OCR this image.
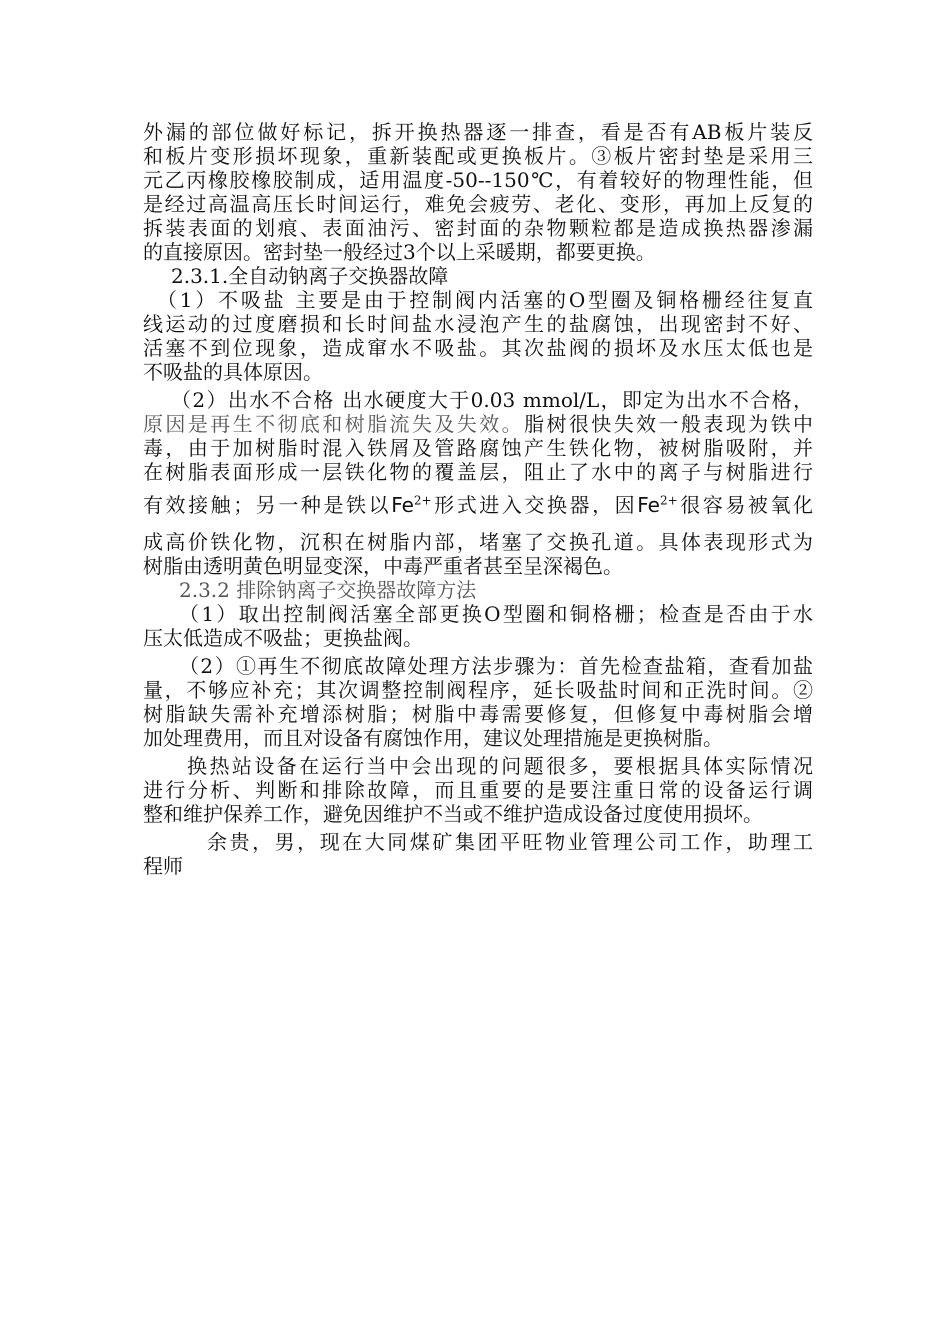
外漏的部位做好标记，拆开换热器逐一排查，看是否有AB板片装反
和板片变形损坏现象，重新装配或更换板片。③板片密封垫是采用三
元乙丙橡胶橡胶制成，适用温度-50--150℃，有着较好的物理性能，但
是经过高温高压长时间运行，难免会疲劳、老化、变形，再加上反复的
拆装表面的划痕、表面油污、密封面的杂物颗粒都是造成换热器渗漏
的直接原因。密封垫一般经过3个以上采暖期，都要更换。
2.3.1.全自动钠离子交换器故障
（1）不吸盐 主要是由于控制阀内活塞的O型圈及铜格栅经往复直
线运动的过度磨损和长时间盐水浸泡产生的盐腐蚀，出现密封不好、
活塞不到位现象，造成窜水不吸盐。其次盐阀的损坏及水压太低也是
不吸盐的具体原因。
（2）出水不合格 出水硬度大于0.03 mmol/L，即定为出水不合格，
原因是再生不彻底和树脂流失及失效。脂树很快失效一般表现为铁中
毒，由于加树脂时混入铁屑及管路腐蚀产生铁化物，被树脂吸附，并
在树脂表面形成一层铁化物的覆盖层，阻止了水中的离子与树脂进行
有效接触；另一种是铁以$Fe^{2+}$形式进入交换器，因$Fe^{2+}$很容易被氧化
成高价铁化物，沉积在树脂内部，堵塞了交换孔道。具体表现形式为
树脂由透明黄色明显变深，中毒严重者甚至呈深褐色。
2.3.2 排除钠离子交换器故障方法
（1）取出控制阀活塞全部更换O型圈和铜格栅；检查是否由于水
压太低造成不吸盐；更换盐阀。
（2）①再生不彻底故障处理方法步骤为：首先检查盐箱，查看加盐
量，不够应补充；其次调整控制阀程序，延长吸盐时间和正洗时间。②
树脂缺失需补充增添树脂；树脂中毒需要修复，但修复中毒树脂会增
加处理费用，而且对设备有腐蚀作用，建议处理措施是更换树脂。
换热站设备在运行当中会出现的问题很多，要根据具体实际情况
进行分析、判断和排除故障，而且重要的是要注重日常的设备运行调
整和维护保养工作，避免因维护不当或不维护造成设备过度使用损坏。
余贵，男，现在大同煤矿集团平旺物业管理公司工作，助理工
程师
